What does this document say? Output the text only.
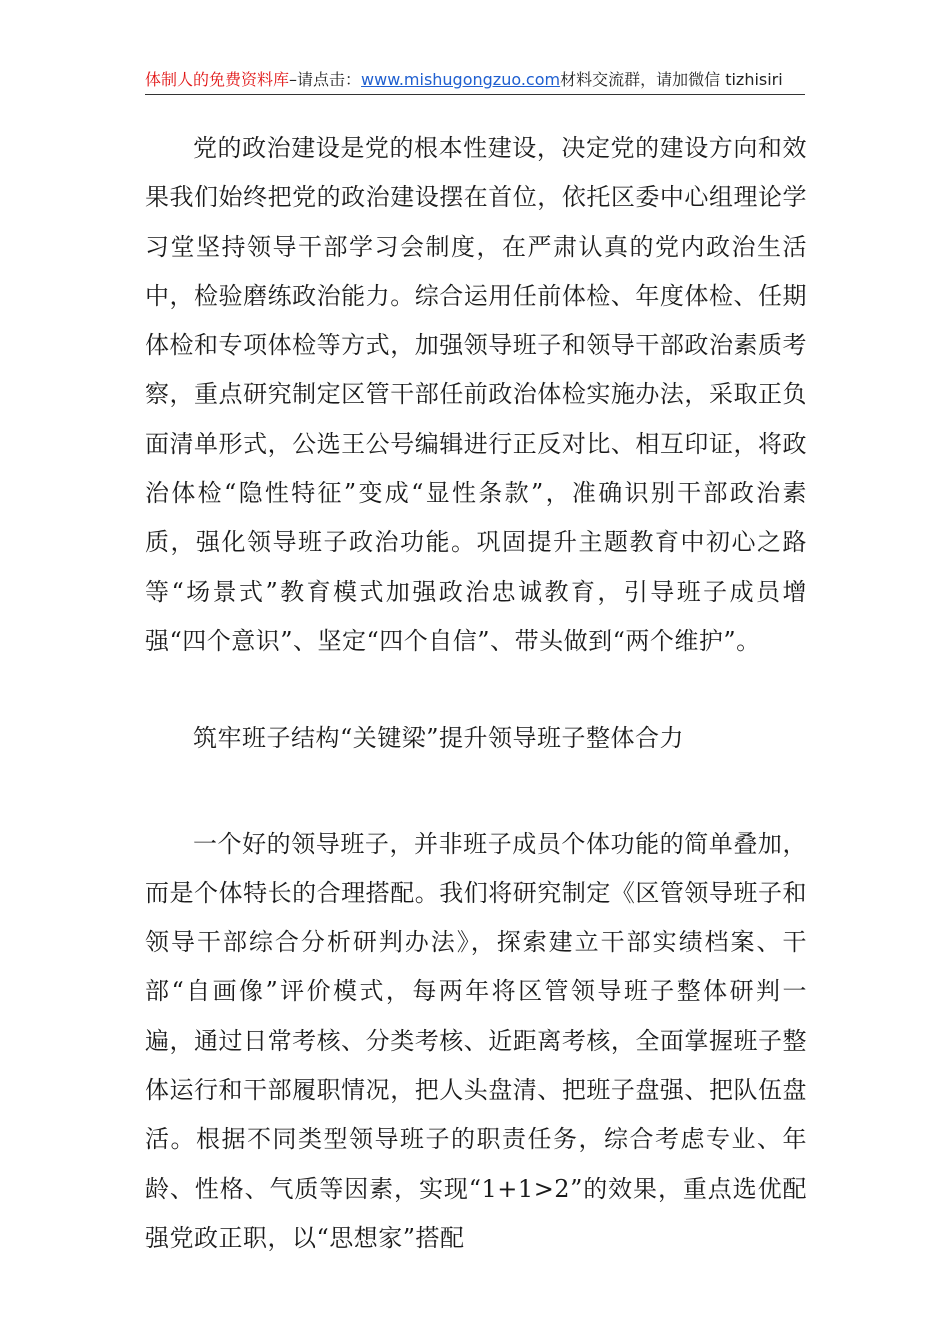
体制人的免费资料库–请点击：www.mishugongzuo.com材料交流群，请加微信 tizhisiri

党的政治建设是党的根本性建设，决定党的建设方向和效果我们始终把党的政治建设摆在首位，依托区委中心组理论学习堂坚持领导干部学习会制度，在严肃认真的党内政治生活中，检验磨练政治能力。综合运用任前体检、年度体检、任期体检和专项体检等方式，加强领导班子和领导干部政治素质考察，重点研究制定区管干部任前政治体检实施办法，采取正负面清单形式，公选王公号编辑进行正反对比、相互印证，将政治体检“隐性特征”变成“显性条款”，准确识别干部政治素质，强化领导班子政治功能。巩固提升主题教育中初心之路等“场景式”教育模式加强政治忠诚教育，引导班子成员增强“四个意识”、坚定“四个自信”、带头做到“两个维护”。

筑牢班子结构“关键梁”提升领导班子整体合力

一个好的领导班子，并非班子成员个体功能的简单叠加，而是个体特长的合理搭配。我们将研究制定《区管领导班子和领导干部综合分析研判办法》，探索建立干部实绩档案、干部“自画像”评价模式，每两年将区管领导班子整体研判一遍，通过日常考核、分类考核、近距离考核，全面掌握班子整体运行和干部履职情况，把人头盘清、把班子盘强、把队伍盘活。根据不同类型领导班子的职责任务，综合考虑专业、年龄、性格、气质等因素，实现“1+1>2”的效果，重点选优配强党政正职，以“思想家”搭配
